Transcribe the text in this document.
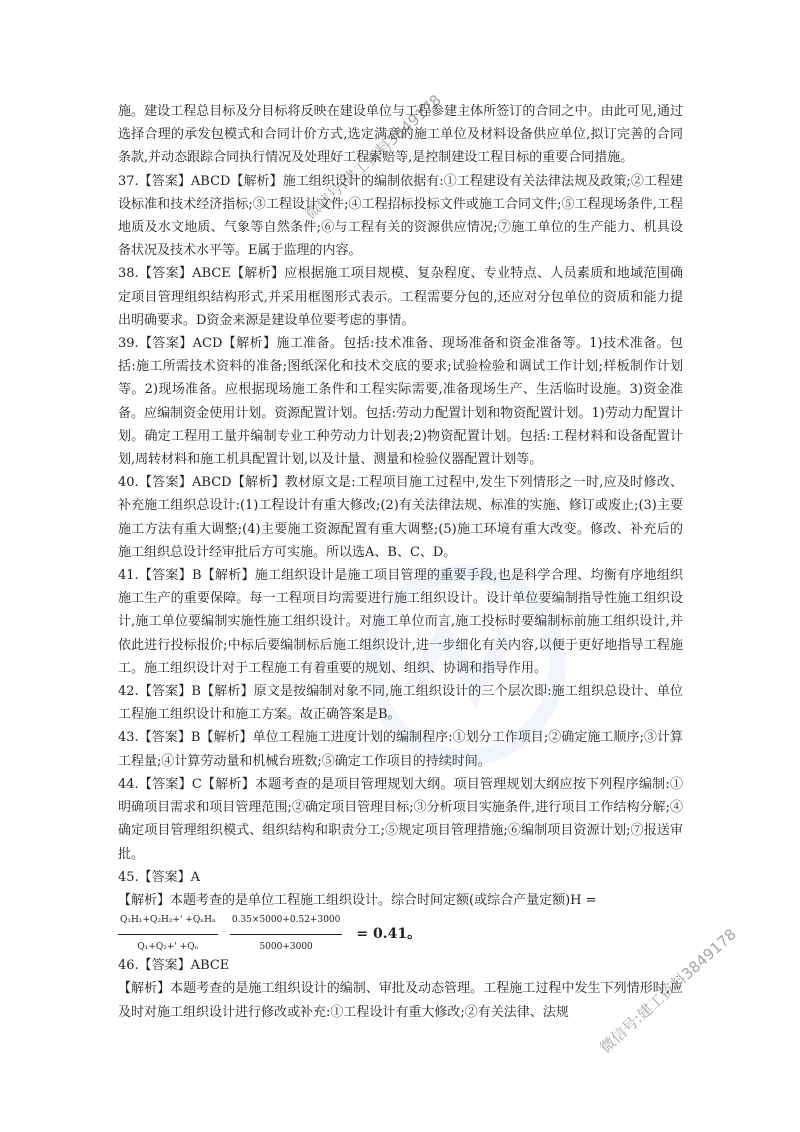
施。建设工程总目标及分目标将反映在建设单位与工程参建主体所签订的合同之中。由此可见,通过选择合理的承发包模式和合同计价方式,选定满意的施工单位及材料设备供应单位,拟订完善的合同条款,并动态跟踪合同执行情况及处理好工程索赔等,是控制建设工程目标的重要合同措施。

37.【答案】ABCD【解析】施工组织设计的编制依据有:①工程建设有关法律法规及政策;②工程建设标准和技术经济指标;③工程设计文件;④工程招标投标文件或施工合同文件;⑤工程现场条件,工程地质及水文地质、气象等自然条件;⑥与工程有关的资源供应情况;⑦施工单位的生产能力、机具设备状况及技术水平等。E属于监理的内容。

38.【答案】ABCE【解析】应根据施工项目规模、复杂程度、专业特点、人员素质和地域范围确定项目管理组织结构形式,并采用框图形式表示。工程需要分包的,还应对分包单位的资质和能力提出明确要求。D资金来源是建设单位要考虑的事情。

39.【答案】ACD【解析】施工准备。包括:技术准备、现场准备和资金准备等。1)技术准备。包括:施工所需技术资料的准备;图纸深化和技术交底的要求;试验检验和调试工作计划;样板制作计划等。2)现场准备。应根据现场施工条件和工程实际需要,准备现场生产、生活临时设施。3)资金准备。应编制资金使用计划。资源配置计划。包括:劳动力配置计划和物资配置计划。1)劳动力配置计划。确定工程用工量并编制专业工种劳动力计划表;2)物资配置计划。包括:工程材料和设备配置计划,周转材料和施工机具配置计划,以及计量、测量和检验仪器配置计划等。

40.【答案】ABCD【解析】教材原文是:工程项目施工过程中,发生下列情形之一时,应及时修改、补充施工组织总设计:(1)工程设计有重大修改;(2)有关法律法规、标准的实施、修订或废止;(3)主要施工方法有重大调整;(4)主要施工资源配置有重大调整;(5)施工环境有重大改变。修改、补充后的施工组织总设计经审批后方可实施。所以选A、B、C、D。

41.【答案】B【解析】施工组织设计是施工项目管理的重要手段,也是科学合理、均衡有序地组织施工生产的重要保障。每一工程项目均需要进行施工组织设计。设计单位要编制指导性施工组织设计,施工单位要编制实施性施工组织设计。对施工单位而言,施工投标时要编制标前施工组织设计,并依此进行投标报价;中标后要编制标后施工组织设计,进一步细化有关内容,以便于更好地指导工程施工。施工组织设计对于工程施工有着重要的规划、组织、协调和指导作用。

42.【答案】B【解析】原文是按编制对象不同,施工组织设计的三个层次即:施工组织总设计、单位工程施工组织设计和施工方案。故正确答案是B。

43.【答案】B【解析】单位工程施工进度计划的编制程序:①划分工作项目;②确定施工顺序;③计算工程量;④计算劳动量和机械台班数;⑤确定工作项目的持续时间。

44.【答案】C【解析】本题考查的是项目管理规划大纲。项目管理规划大纲应按下列程序编制:①明确项目需求和项目管理范围;②确定项目管理目标;③分析项目实施条件,进行项目工作结构分解;④确定项目管理组织模式、组织结构和职责分工;⑤规定项目管理措施;⑥编制项目资源计划;⑦报送审批。

45.【答案】A

【解析】本题考查的是单位工程施工组织设计。综合时间定额(或综合产量定额)H =

$\frac{\text{Q₁H₁+Q₂H₂+' +QₙHₙ}}{\text{Q₁+Q₂+' +Qₙ}} \frac{0.35\times 5000+0.52+3000}{5000+3000} = 0.41$。

46.【答案】ABCE

【解析】本题考查的是施工组织设计的编制、审批及动态管理。工程施工过程中发生下列情形时,应及时对施工组织设计进行修改或补充:①工程设计有重大修改;②有关法律、法规

微信号:建工资料3849178
微信号:建工资料3849178
